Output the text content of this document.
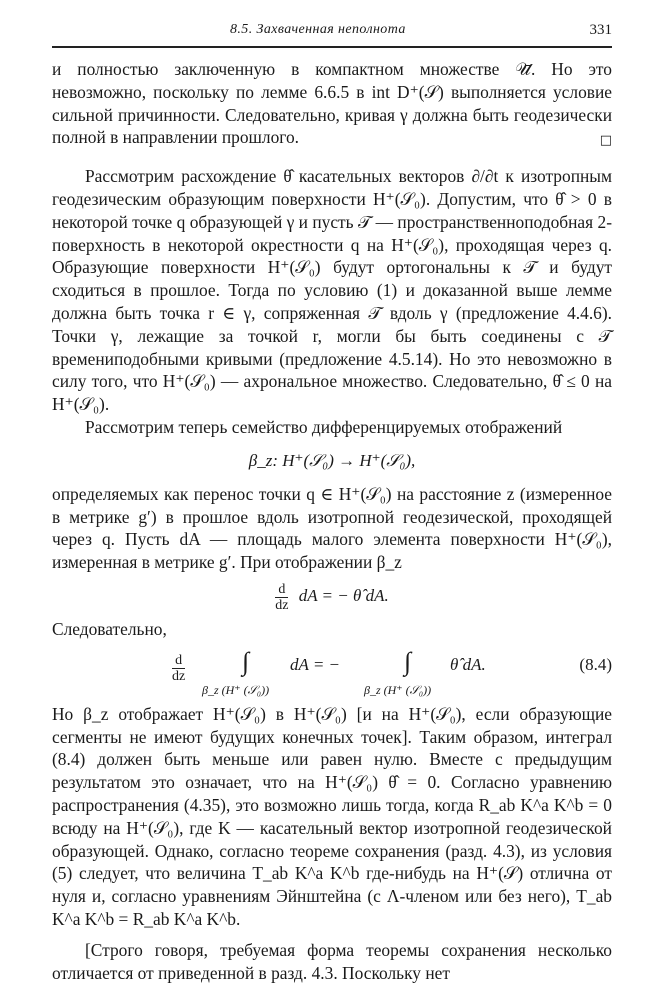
8.5. Захваченная неполнота	331

и полностью заключенную в компактном множестве 𝒰̄. Но это невозможно, поскольку по лемме 6.6.5 в int D⁺(𝒮) выполняется условие сильной причинности. Следовательно, кривая γ должна быть геодезически полной в направлении прошлого.	□

Рассмотрим расхождение θ̂ касательных векторов ∂/∂t к изотропным геодезическим образующим поверхности H⁺(𝒮₀). Допустим, что θ̂ > 0 в некоторой точке q образующей γ и пусть 𝒯 — пространственноподобная 2-поверхность в некоторой окрестности q на H⁺(𝒮₀), проходящая через q. Образующие поверхности H⁺(𝒮₀) будут ортогональны к 𝒯 и будут сходиться в прошлое. Тогда по условию (1) и доказанной выше лемме должна быть точка r ∈ γ, сопряженная 𝒯 вдоль γ (предложение 4.4.6). Точки γ, лежащие за точкой r, могли бы быть соединены с 𝒯 времениподобными кривыми (предложение 4.5.14). Но это невозможно в силу того, что H⁺(𝒮₀) — ахрональное множество. Следовательно, θ̂ ≤ 0 на H⁺(𝒮₀).

Рассмотрим теперь семейство дифференцируемых отображений

β_z: H⁺(𝒮₀) → H⁺(𝒮₀),

определяемых как перенос точки q ∈ H⁺(𝒮₀) на расстояние z (измеренное в метрике g′) в прошлое вдоль изотропной геодезической, проходящей через q. Пусть dA — площадь малого элемента поверхности H⁺(𝒮₀), измеренная в метрике g′. При отображении β_z

$\frac{d}{dz}$ dA = − θ̂ dA.

Следовательно,

$\frac{d}{dz}$ ∫
β_z (H⁺ (𝒮₀))
dA = − ∫
β_z (H⁺ (𝒮₀))
θ̂ dA.	(8.4)

Но β_z отображает H⁺(𝒮₀) в H⁺(𝒮₀) [и на H⁺(𝒮₀), если образующие сегменты не имеют будущих конечных точек]. Таким образом, интеграл (8.4) должен быть меньше или равен нулю. Вместе с предыдущим результатом это означает, что на H⁺(𝒮₀) θ̂ = 0. Согласно уравнению распространения (4.35), это возможно лишь тогда, когда R_ab K^a K^b = 0 всюду на H⁺(𝒮₀), где K — касательный вектор изотропной геодезической образующей. Однако, согласно теореме сохранения (разд. 4.3), из условия (5) следует, что величина T_ab K^a K^b где-нибудь на H⁺(𝒮) отлична от нуля и, согласно уравнениям Эйнштейна (с Λ-членом или без него), T_ab K^a K^b = R_ab K^a K^b.

[Строго говоря, требуемая форма теоремы сохранения несколько отличается от приведенной в разд. 4.3. Поскольку нет
